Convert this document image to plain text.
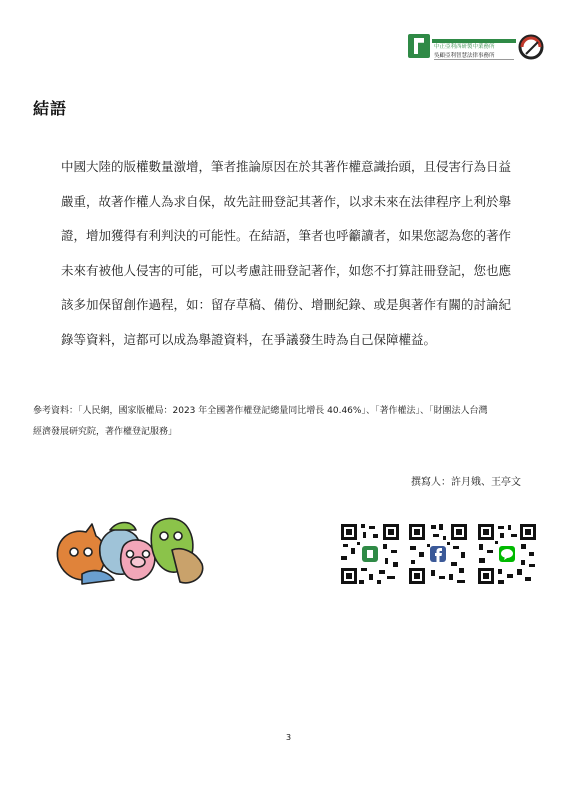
中正亞利西研製中業務所
吳顧亞利智慧法律事務所
結語
中國大陸的版權數量激增，筆者推論原因在於其著作權意識抬頭，且侵害行為日益
嚴重，故著作權人為求自保，故先註冊登記其著作，以求未來在法律程序上利於舉
證，增加獲得有利判決的可能性。在結語，筆者也呼籲讀者，如果您認為您的著作
未來有被他人侵害的可能，可以考慮註冊登記著作，如您不打算註冊登記，您也應
該多加保留創作過程，如：留存草稿、備份、增刪紀錄、或是與著作有關的討論紀
錄等資料，這都可以成為舉證資料，在爭議發生時為自己保障權益。
參考資料：「人民網，國家版權局：2023 年全國著作權登記總量同比增長 40.46%」、「著作權法」、「財團法人台灣
經濟發展研究院，著作權登記服務」
撰寫人：許月娥、王亭文
3
